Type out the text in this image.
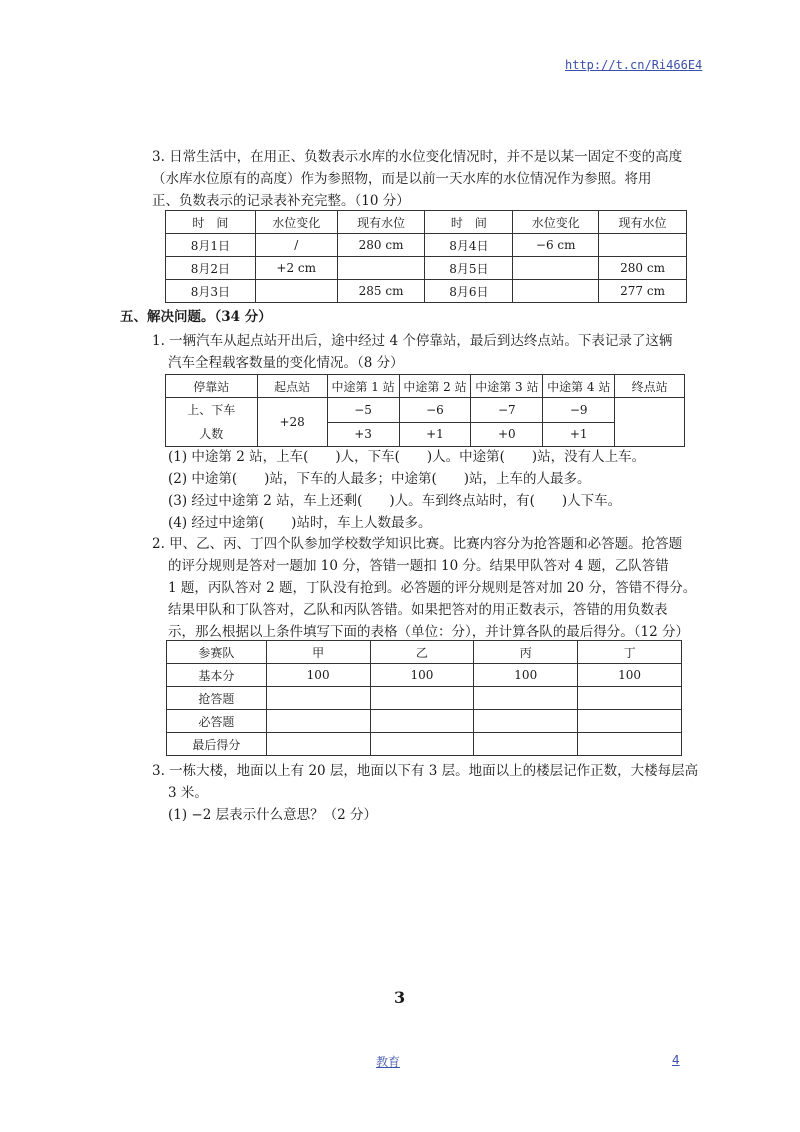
http://t.cn/Ri466E4

3. 日常生活中，在用正、负数表示水库的水位变化情况时，并不是以某一固定不变的高度

（水库水位原有的高度）作为参照物，而是以前一天水库的水位情况作为参照。将用

正、负数表示的记录表补充完整。（10 分）

时　间	水位变化	现有水位	时　间	水位变化	现有水位
8月1日	/	280 cm	8月4日	−6 cm	
8月2日	+2 cm		8月5日		280 cm
8月3日		285 cm	8月6日		277 cm
五、解决问题。（34 分）

1. 一辆汽车从起点站开出后，途中经过 4 个停靠站，最后到达终点站。下表记录了这辆

汽车全程载客数量的变化情况。（8 分）

停靠站	起点站	中途第 1 站	中途第 2 站	中途第 3 站	中途第 4 站	终点站

上、下车
人数	+28	−5	−6	−7	−9	
		+3	+1	+0	+1	

(1) 中途第 2 站，上车(　　)人，下车(　　)人。中途第(　　)站，没有人上车。

(2) 中途第(　　)站，下车的人最多；中途第(　　)站，上车的人最多。

(3) 经过中途第 2 站，车上还剩(　　)人。车到终点站时，有(　　)人下车。

(4) 经过中途第(　　)站时，车上人数最多。

2. 甲、乙、丙、丁四个队参加学校数学知识比赛。比赛内容分为抢答题和必答题。抢答题

的评分规则是答对一题加 10 分，答错一题扣 10 分。结果甲队答对 4 题，乙队答错

1 题，丙队答对 2 题，丁队没有抢到。必答题的评分规则是答对加 20 分，答错不得分。

结果甲队和丁队答对，乙队和丙队答错。如果把答对的用正数表示，答错的用负数表

示，那么根据以上条件填写下面的表格（单位：分），并计算各队的最后得分。（12 分）

参赛队	甲	乙	丙	丁
基本分	100	100	100	100
抢答题				
必答题				
最后得分				

3. 一栋大楼，地面以上有 20 层，地面以下有 3 层。地面以上的楼层记作正数，大楼每层高

3 米。

(1) −2 层表示什么意思？（2 分）

3
教育	4
